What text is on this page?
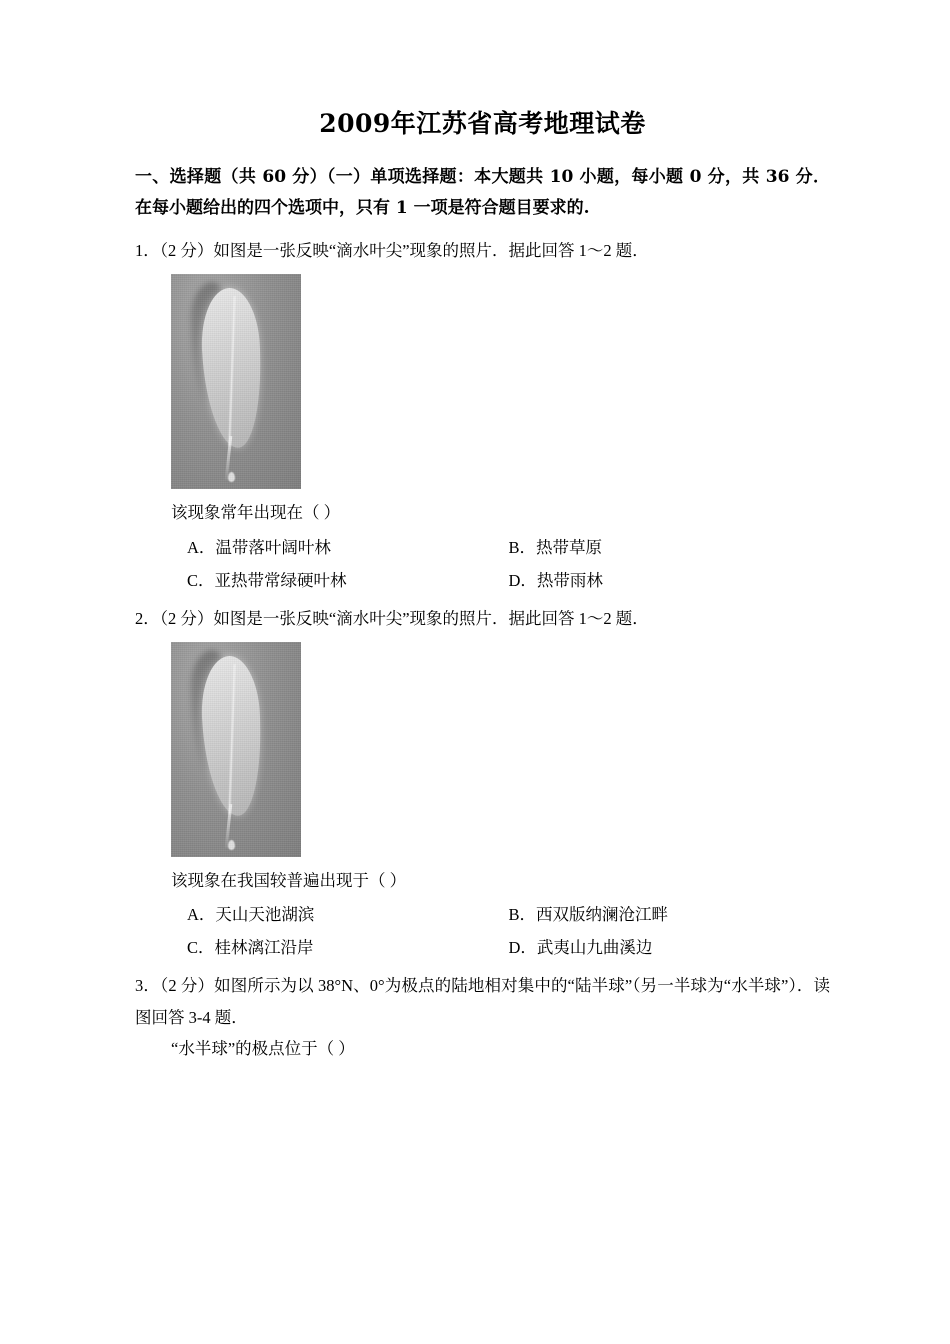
2009年江苏省高考地理试卷
一、选择题（共 60 分）（一）单项选择题：本大题共 10 小题，每小题 0 分，共 36 分．在每小题给出的四个选项中，只有 1 一项是符合题目要求的.
1．（2 分）如图是一张反映“滴水叶尖”现象的照片．据此回答 1～2 题．
该现象常年出现在（ ）
A．温带落叶阔叶林	B．热带草原
C．亚热带常绿硬叶林	D．热带雨林
2．（2 分）如图是一张反映“滴水叶尖”现象的照片．据此回答 1～2 题．
该现象在我国较普遍出现于（ ）
A．天山天池湖滨	B．西双版纳澜沧江畔
C．桂林漓江沿岸	D．武夷山九曲溪边
3．（2 分）如图所示为以 38°N、0°为极点的陆地相对集中的“陆半球”（另一半球为“水半球”）．读图回答 3‐4 题．
“水半球”的极点位于（ ）
